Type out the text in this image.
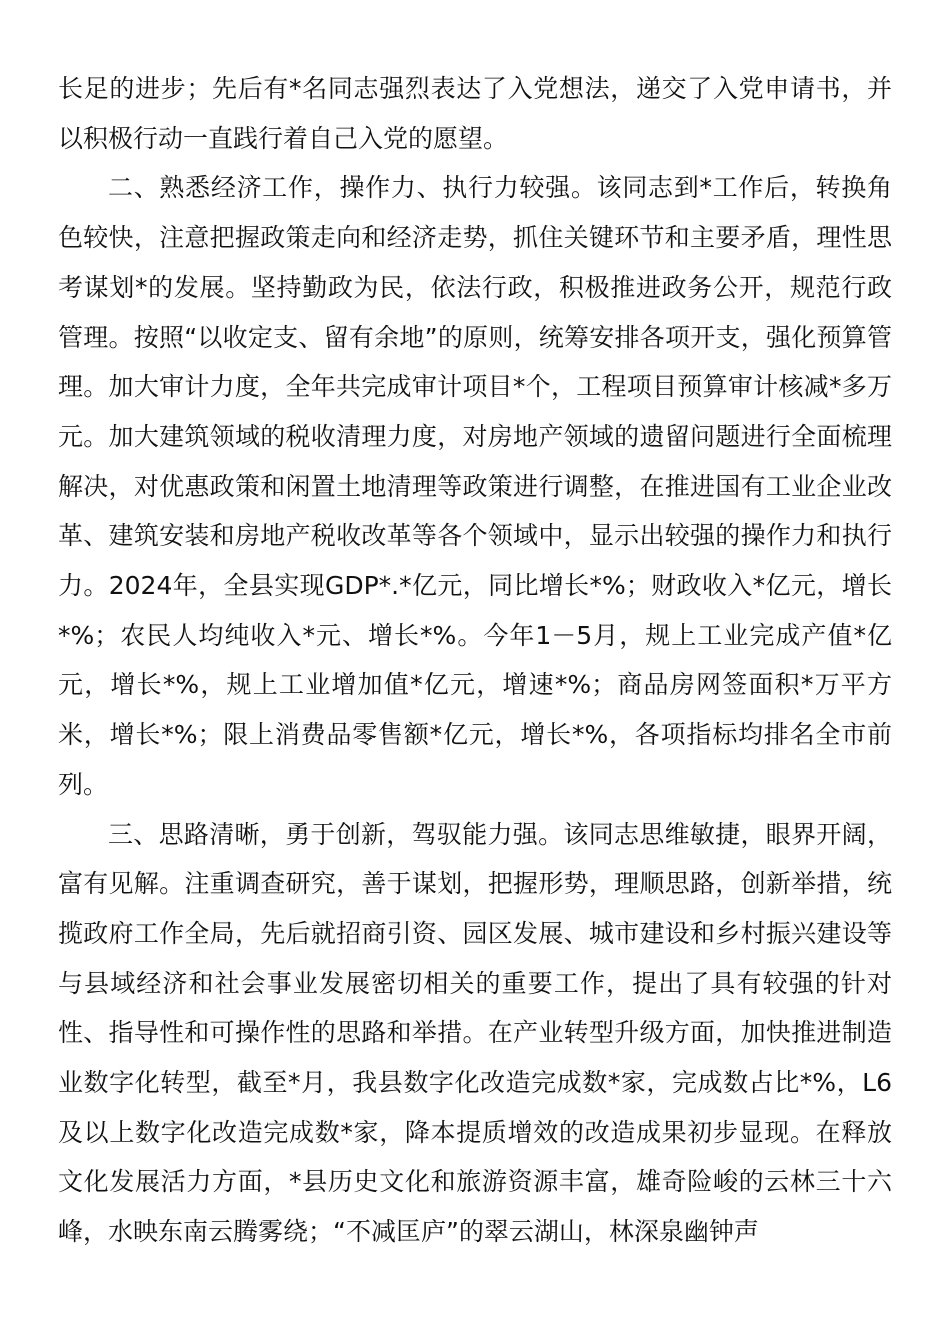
长足的进步；先后有*名同志强烈表达了入党想法，递交了入党申请书，并以积极行动一直践行着自己入党的愿望。

二、熟悉经济工作，操作力、执行力较强。该同志到*工作后，转换角色较快，注意把握政策走向和经济走势，抓住关键环节和主要矛盾，理性思考谋划*的发展。坚持勤政为民，依法行政，积极推进政务公开，规范行政管理。按照“以收定支、留有余地”的原则，统筹安排各项开支，强化预算管理。加大审计力度，全年共完成审计项目*个，工程项目预算审计核减*多万元。加大建筑领域的税收清理力度，对房地产领域的遗留问题进行全面梳理解决，对优惠政策和闲置土地清理等政策进行调整，在推进国有工业企业改革、建筑安装和房地产税收改革等各个领域中，显示出较强的操作力和执行力。2024年，全县实现GDP*.*亿元，同比增长*%；财政收入*亿元，增长*%；农民人均纯收入*元、增长*%。今年1－5月，规上工业完成产值*亿元，增长*%，规上工业增加值*亿元，增速*%；商品房网签面积*万平方米，增长*%；限上消费品零售额*亿元，增长*%，各项指标均排名全市前列。

三、思路清晰，勇于创新，驾驭能力强。该同志思维敏捷，眼界开阔，富有见解。注重调查研究，善于谋划，把握形势，理顺思路，创新举措，统揽政府工作全局，先后就招商引资、园区发展、城市建设和乡村振兴建设等与县域经济和社会事业发展密切相关的重要工作，提出了具有较强的针对性、指导性和可操作性的思路和举措。在产业转型升级方面，加快推进制造业数字化转型，截至*月，我县数字化改造完成数*家，完成数占比*%，L6及以上数字化改造完成数*家，降本提质增效的改造成果初步显现。在释放文化发展活力方面，*县历史文化和旅游资源丰富，雄奇险峻的云林三十六峰，水映东南云腾雾绕；“不减匡庐”的翠云湖山，林深泉幽钟声
